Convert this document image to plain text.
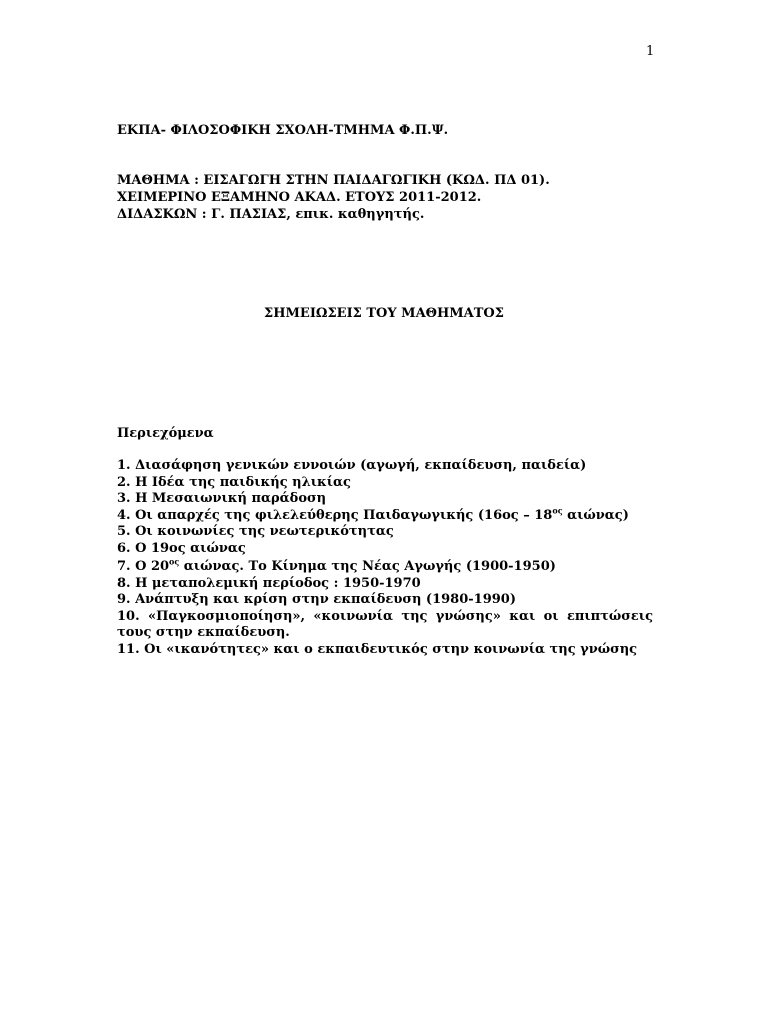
1
ΕΚΠΑ- ΦΙΛΟΣΟΦΙΚΗ ΣΧΟΛΗ-ΤΜΗΜΑ Φ.Π.Ψ.
ΜΑΘΗΜΑ : ΕΙΣΑΓΩΓΗ ΣΤΗΝ ΠΑΙΔΑΓΩΓΙΚΗ (ΚΩΔ. ΠΔ 01).
ΧΕΙΜΕΡΙΝΟ ΕΞΑΜΗΝΟ ΑΚΑΔ. ΕΤΟΥΣ 2011-2012.
ΔΙΔΑΣΚΩΝ : Γ. ΠΑΣΙΑΣ, επικ. καθηγητής.
ΣΗΜΕΙΩΣΕΙΣ ΤΟΥ ΜΑΘΗΜΑΤΟΣ
Περιεχόμενα
1. Διασάφηση γενικών εννοιών (αγωγή, εκπαίδευση, παιδεία)
2. Η Ιδέα της παιδικής ηλικίας
3. Η Μεσαιωνική παράδοση
4. Οι απαρχές της φιλελεύθερης Παιδαγωγικής ($16o\varsigma - 18^{o\varsigma}$ αιώνας)
5. Οι κοινωνίες της νεωτερικότητας
6. Ο 19ος αιώνας
7. Ο $20^{o\varsigma}$ αιώνας. Το Κίνημα της Νέας Αγωγής (1900-1950)
8. Η μεταπολεμική περίοδος : 1950-1970
9. Ανάπτυξη και κρίση στην εκπαίδευση (1980-1990)
10. «Παγκοσμιοποίηση», «κοινωνία της γνώσης» και οι επιπτώσεις τους στην εκπαίδευση.
11. Οι «ικανότητες» και ο εκπαιδευτικός στην κοινωνία της γνώσης
